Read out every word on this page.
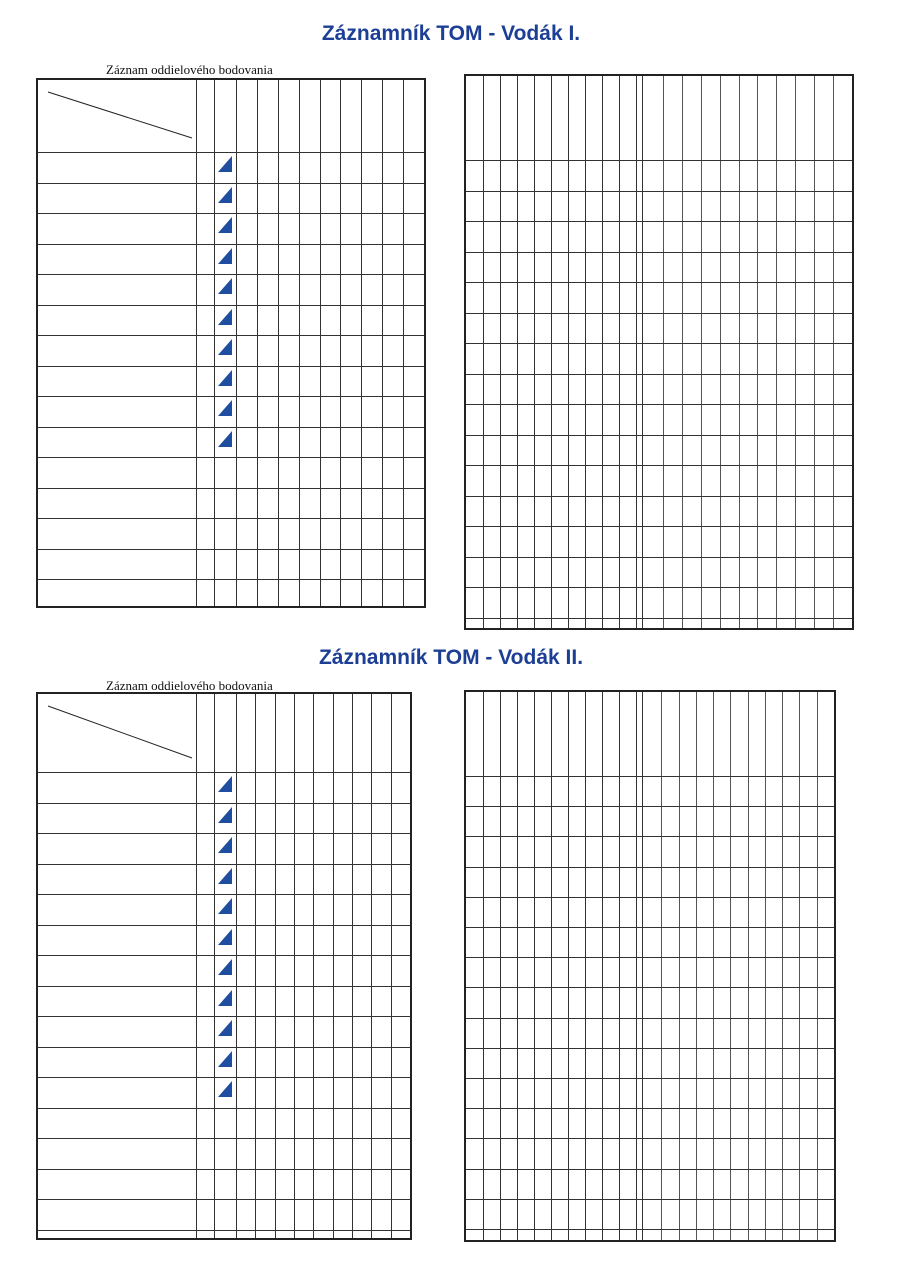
Záznamník TOM - Vodák I.
Záznamník TOM - Vodák II.
Záznam oddielového bodovania
Záznam oddielového bodovania
